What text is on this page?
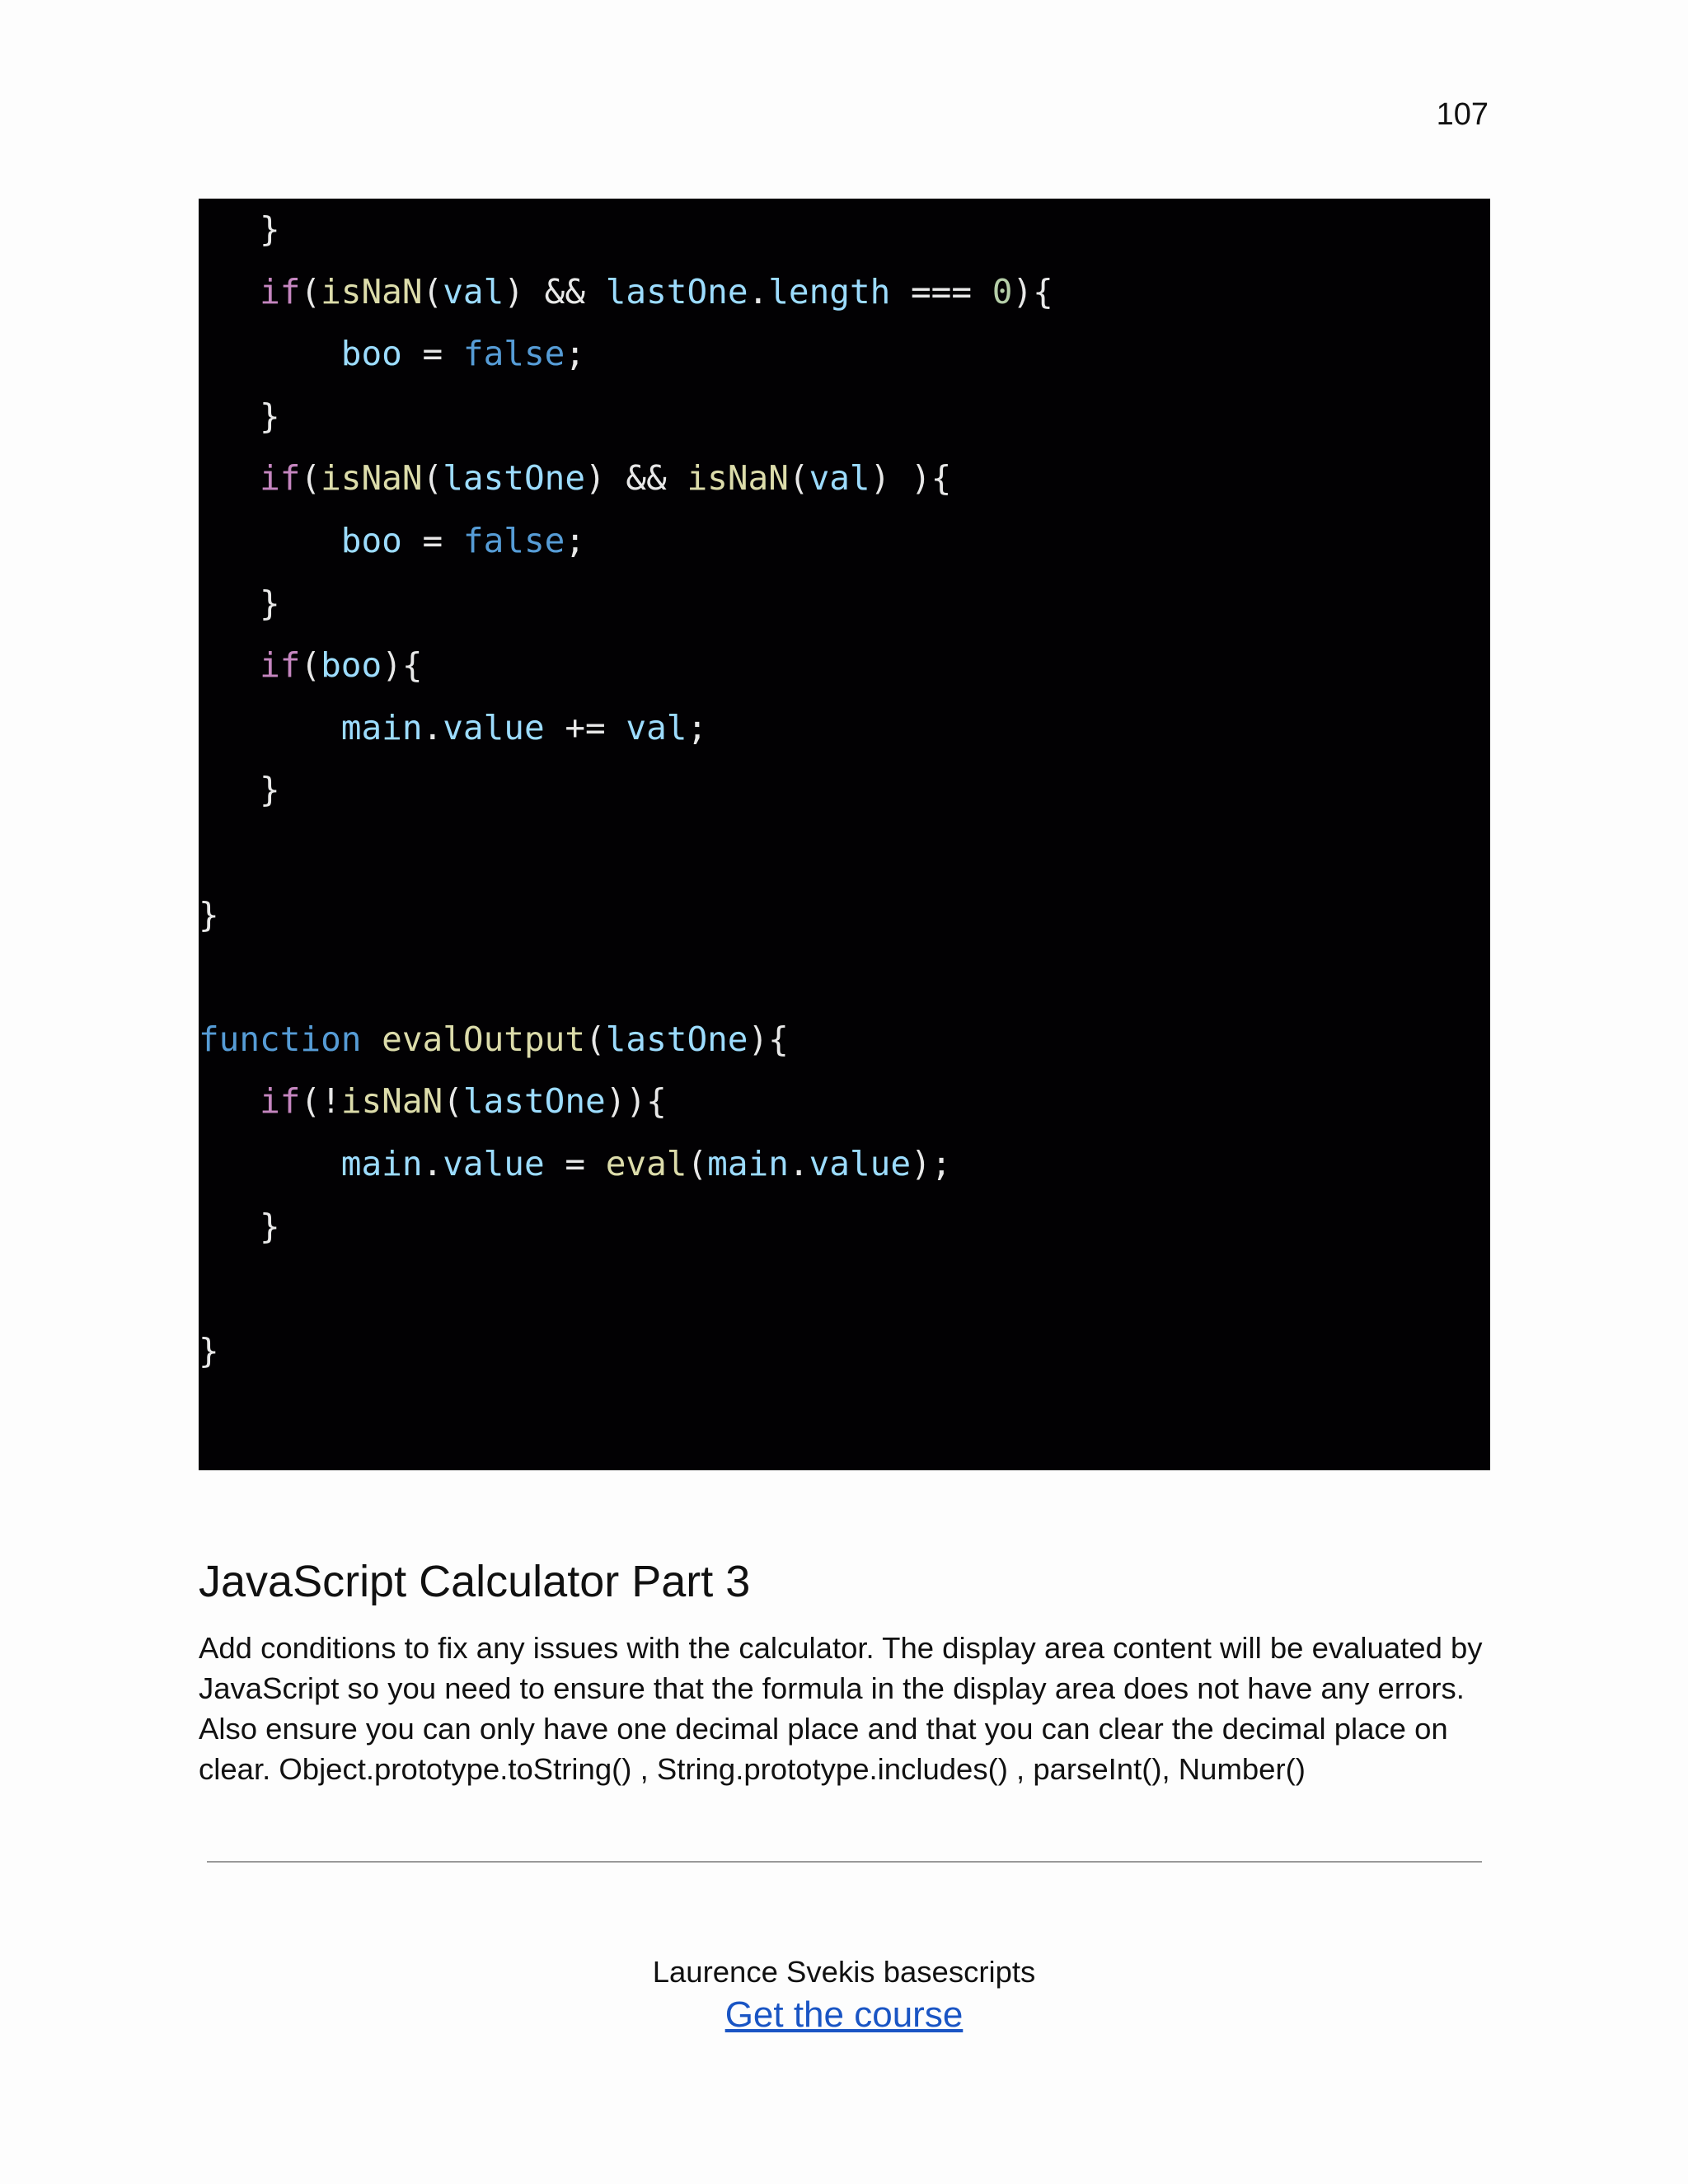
107
}
if(isNaN(val) && lastOne.length === 0){
boo = false;
}
if(isNaN(lastOne) && isNaN(val) ){
boo = false;
}
if(boo){
main.value += val;
}
}
function evalOutput(lastOne){
if(!isNaN(lastOne)){
main.value = eval(main.value);
}
}
JavaScript Calculator Part 3

Add conditions to fix any issues with the calculator. The display area content will be evaluated by JavaScript so you need to ensure that the formula in the display area does not have any errors. Also ensure you can only have one decimal place and that you can clear the decimal place on clear. Object.prototype.toString() , String.prototype.includes() , parseInt(), Number()

Laurence Svekis basescripts
Get the course
